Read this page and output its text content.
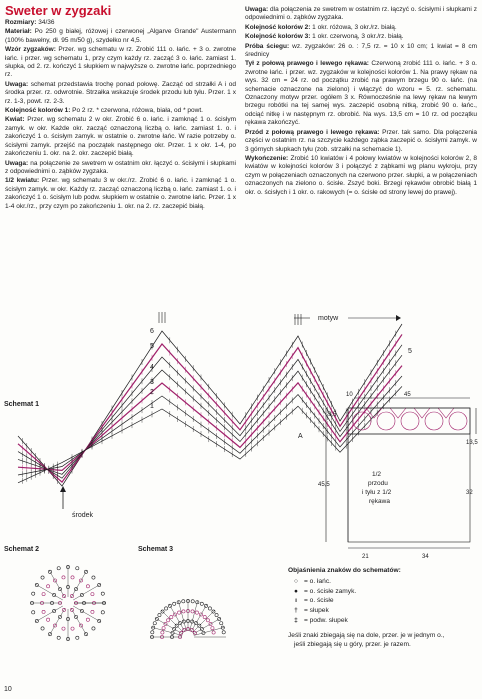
Sweter w zygzaki

Rozmiary: 34/36

Materiał: Po 250 g białej, różowej i czerwonej „Algarve Grande" Austermann (100% bawełny, dł. 95 m/50 g), szydełko nr 4,5.

Wzór zygzaków: Przer. wg schematu w rz. Zrobić 111 o. łańc. + 3 o. zwrotne łańc. i przer. wg schematu 1, przy czym każdy rz. zacząć 3 o. łańc. zamiast 1. słupka, od 2. rz. kończyć 1 słupkiem w najwyższe o. zwrotne łańc. poprzedniego rz.

Uwaga: schemat przedstawia trochę ponad połowę. Zacząć od strzałki A i od środka przer. rz. odwrotnie. Strzałka wskazuje środek przodu lub tyłu. Przer. 1 x rz. 1-3, powt. rz. 2-3.

Kolejność kolorów 1: Po 2 rz. * czerwona, różowa, biała, od * powt.

Kwiat: Przer. wg schematu 2 w okr. Zrobić 6 o. łańc. i zamknąć 1 o. ścisłym zamyk. w okr. Każde okr. zacząć oznaczoną liczbą o. łańc. zamiast 1. o. i zakończyć 1 o. ścisłym zamyk. w ostatnie o. zwrotne łańc. W razie potrzeby o. ścisłymi zamyk. przejść na początek następnego okr. Przer. 1 x okr. 1-4, po zakończeniu 1. okr. na 2. okr. zaczepić białą.

Uwaga: na połączenie ze swetrem w ostatnim okr. łączyć o. ścisłymi i słupkami z odpowiednimi o. ząbków zygzaka.

1/2 kwiatu: Przer. wg schematu 3 w okr./rz. Zrobić 6 o. łańc. i zamknąć 1 o. ścisłym zamyk. w okr. Każdy rz. zacząć oznaczoną liczbą o. łańc. zamiast 1. o. i zakończyć 1 o. ścisłym lub podw. słupkiem w ostatnie o. zwrotne łańc. Przer. 1 x 1-4 okr./rz., przy czym po zakończeniu 1. okr. na 2. rz. zaczepić białą.

Uwaga: dla połączenia ze swetrem w ostatnim rz. łączyć o. ścisłymi i słupkami z odpowiednimi o. ząbków zygzaka.

Kolejność kolorów 2: 1 okr. różowa, 3 okr./rz. białą.

Kolejność kolorów 3: 1 okr. czerwoną, 3 okr./rz. białą.

Próba ściegu: wz. zygzaków: 26 o. : 7,5 rz. = 10 x 10 cm; 1 kwiat = 8 cm średnicy

Tył z połową prawego i lewego rękawa: Czerwoną zrobić 111 o. łańc. + 3 o. zwrotne łańc. i przer. wz. zygzaków w kolejności kolorów 1. Na prawy rękaw na wys. 32 cm = 24 rz. od początku zrobić na prawym brzegu 90 o. łańc. (na schemacie oznaczone na zielono) i włączyć do wzoru = 5. rz. schematu. Oznaczony motyw przer. ogółem 3 x. Równocześnie na lewy rękaw na lewym brzegu robótki na tej samej wys. zaczepić osobną nitką, zrobić 90 o. łańc., odciąć nitkę i w następnym rz. obrobić. Na wys. 13,5 cm = 10 rz. od początku rękawa zakończyć.

Przód z połową prawego i lewego rękawa: Przer. tak samo. Dla połączenia części w ostatnim rz. na szczycie każdego ząbka zaczepić o. ścisłymi zamyk. w 3 górnych słupkach tyłu (zob. strzałki na schemacie 1).

Wykończenie: Zrobić 10 kwiatów i 4 połowy kwiatów w kolejności kolorów 2, 8 kwiatów w kolejności kolorów 3 i połączyć z ząbkami wg planu wykroju, przy czym w połączeniach oznaczonych na czerwono przer. słupki, a w połączeniach oznaczonych na zielono o. ścisłe. Zszyć boki. Brzegi rękawów obrobić białą 1 okr. o. ścisłych i 1 okr. o. rakowych (= o. ścisłe od strony lewej do prawej).

6
5
4
3
2
1
5
A
motyw
środek
Schemat 1
10	45
9,5
13,5
45,5
32
21	34
1/2
przodu
i tyłu z 1/2
rękawa
Schemat 2	Schemat 3
Objaśnienia znaków do schematów:
○ = o. łańc.
● = o. ścisłe zamyk.
ı	= o. ścisłe
† = słupek
‡ = podw. słupek
Jeśli znaki zbiegają się na dole, przer. je w jednym o.,
jeśli zbiegają się u góry, przer. je razem.
10
